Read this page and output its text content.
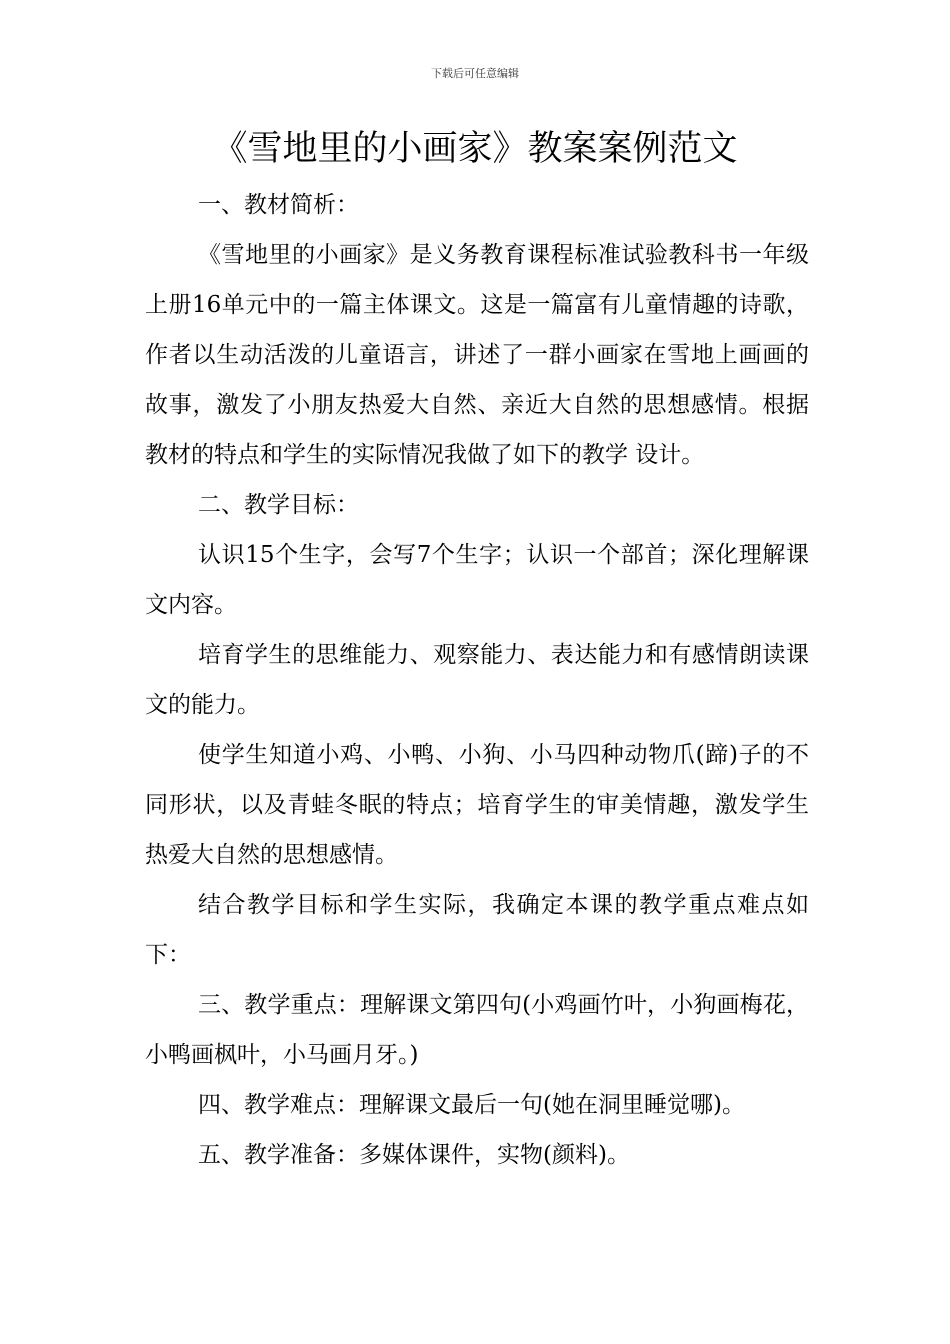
下载后可任意编辑
《雪地里的小画家》教案案例范文

一、教材简析：

《雪地里的小画家》是义务教育课程标准试验教科书一年级上册16单元中的一篇主体课文。这是一篇富有儿童情趣的诗歌，作者以生动活泼的儿童语言，讲述了一群小画家在雪地上画画的故事，激发了小朋友热爱大自然、亲近大自然的思想感情。根据教材的特点和学生的实际情况我做了如下的教学 设计。

二、教学目标：

认识15个生字，会写7个生字；认识一个部首；深化理解课文内容。

培育学生的思维能力、观察能力、表达能力和有感情朗读课文的能力。

使学生知道小鸡、小鸭、小狗、小马四种动物爪(蹄)子的不同形状，以及青蛙冬眠的特点；培育学生的审美情趣，激发学生热爱大自然的思想感情。

结合教学目标和学生实际，我确定本课的教学重点难点如下：

三、教学重点：理解课文第四句(小鸡画竹叶，小狗画梅花，小鸭画枫叶，小马画月牙。)

四、教学难点：理解课文最后一句(她在洞里睡觉哪)。

五、教学准备：多媒体课件，实物(颜料)。
